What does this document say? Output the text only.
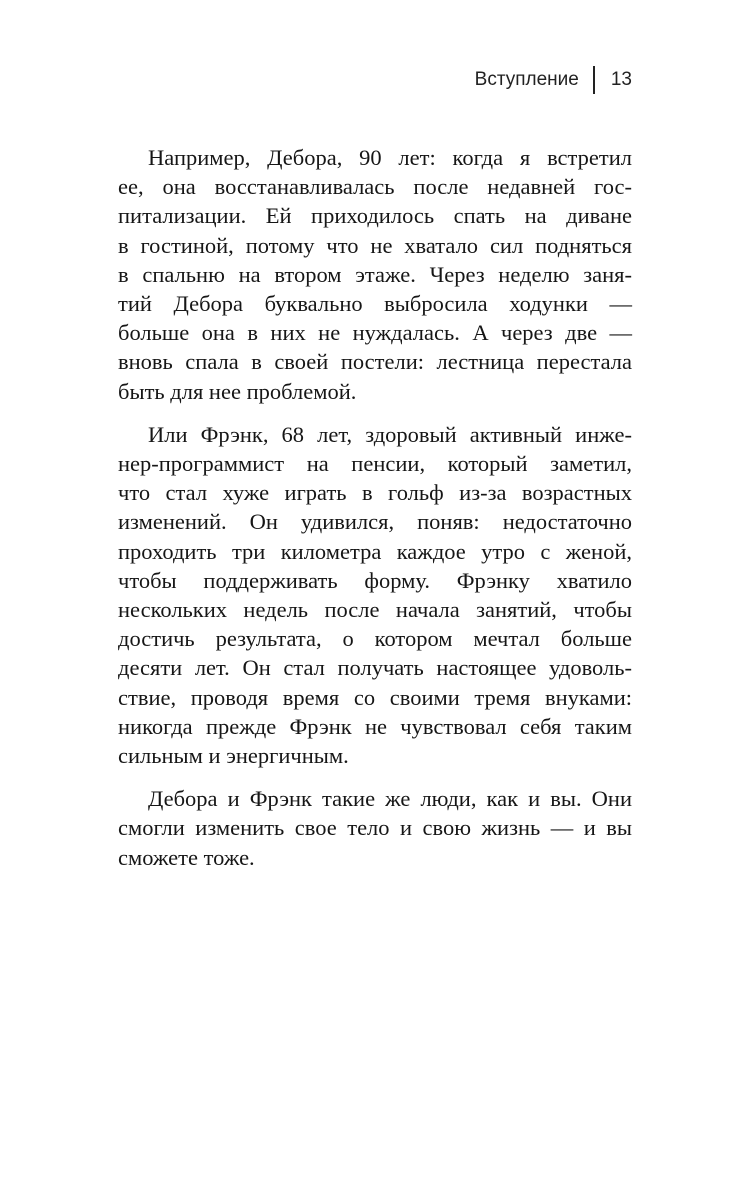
Вступление 13
Например, Дебора, 90 лет: когда я встретил
ее, она восстанавливалась после недавней гос-
питализации. Ей приходилось спать на диване
в гостиной, потому что не хватало сил подняться
в спальню на втором этаже. Через неделю заня-
тий Дебора буквально выбросила ходунки —
больше она в них не нуждалась. А через две —
вновь спала в своей постели: лестница перестала
быть для нее проблемой.
Или Фрэнк, 68 лет, здоровый активный инже-
нер-программист на пенсии, который заметил,
что стал хуже играть в гольф из-за возрастных
изменений. Он удивился, поняв: недостаточно
проходить три километра каждое утро с женой,
чтобы поддерживать форму. Фрэнку хватило
нескольких недель после начала занятий, чтобы
достичь результата, о котором мечтал больше
десяти лет. Он стал получать настоящее удоволь-
ствие, проводя время со своими тремя внуками:
никогда прежде Фрэнк не чувствовал себя таким
сильным и энергичным.
Дебора и Фрэнк такие же люди, как и вы. Они
смогли изменить свое тело и свою жизнь — и вы
сможете тоже.
